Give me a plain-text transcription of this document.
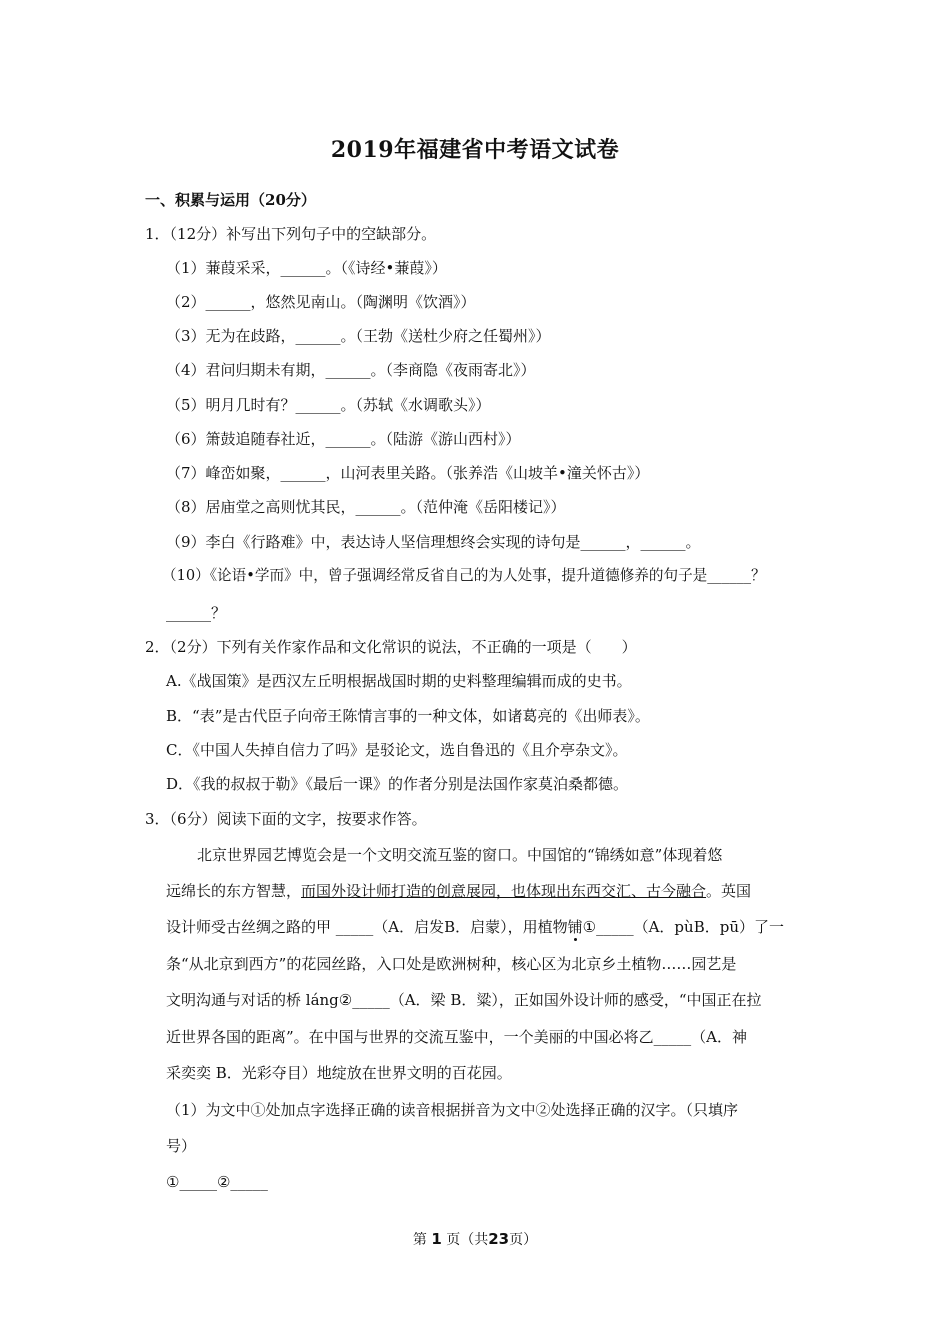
2019年福建省中考语文试卷
一、积累与运用（20分）
1．（12分）补写出下列句子中的空缺部分。
（1）蒹葭采采，______。（《诗经•蒹葭》）
（2）______，悠然见南山。（陶渊明《饮酒》）
（3）无为在歧路，______。（王勃《送杜少府之任蜀州》）
（4）君问归期未有期，______。（李商隐《夜雨寄北》）
（5）明月几时有？______。（苏轼《水调歌头》）
（6）箫鼓追随春社近，______。（陆游《游山西村》）
（7）峰峦如聚，______，山河表里关路。（张养浩《山坡羊•潼关怀古》）
（8）居庙堂之高则忧其民，______。（范仲淹《岳阳楼记》）
（9）李白《行路难》中，表达诗人坚信理想终会实现的诗句是______，______。
（10）《论语•学而》中，曾子强调经常反省自己的为人处事，提升道德修养的句子是______？
______？
2．（2分）下列有关作家作品和文化常识的说法，不正确的一项是（　　）
A.《战国策》是西汉左丘明根据战国时期的史料整理编辑而成的史书。
B．“表”是古代臣子向帝王陈情言事的一种文体，如诸葛亮的《出师表》。
C．《中国人失掉自信力了吗》是驳论文，选自鲁迅的《且介亭杂文》。
D．《我的叔叔于勒》《最后一课》的作者分别是法国作家莫泊桑都德。
3．（6分）阅读下面的文字，按要求作答。
北京世界园艺博览会是一个文明交流互鉴的窗口。中国馆的“锦绣如意”体现着悠
远绵长的东方智慧，而国外设计师打造的创意展园，也体现出东西交汇、古今融合。英国
设计师受古丝绸之路的甲 _____（A．启发B．启蒙），用植物铺①_____（A．pùB．pū）了一
条“从北京到西方”的花园丝路，入口处是欧洲树种，核心区为北京乡土植物……园艺是
文明沟通与对话的桥 láng②_____（A．梁 B．粱），正如国外设计师的感受，“中国正在拉
近世界各国的距离”。在中国与世界的交流互鉴中，一个美丽的中国必将乙_____（A．神
采奕奕 B．光彩夺目）地绽放在世界文明的百花园。
（1）为文中①处加点字选择正确的读音根据拼音为文中②处选择正确的汉字。（只填序
号）
①_____②_____
第 1 页（共23页）
